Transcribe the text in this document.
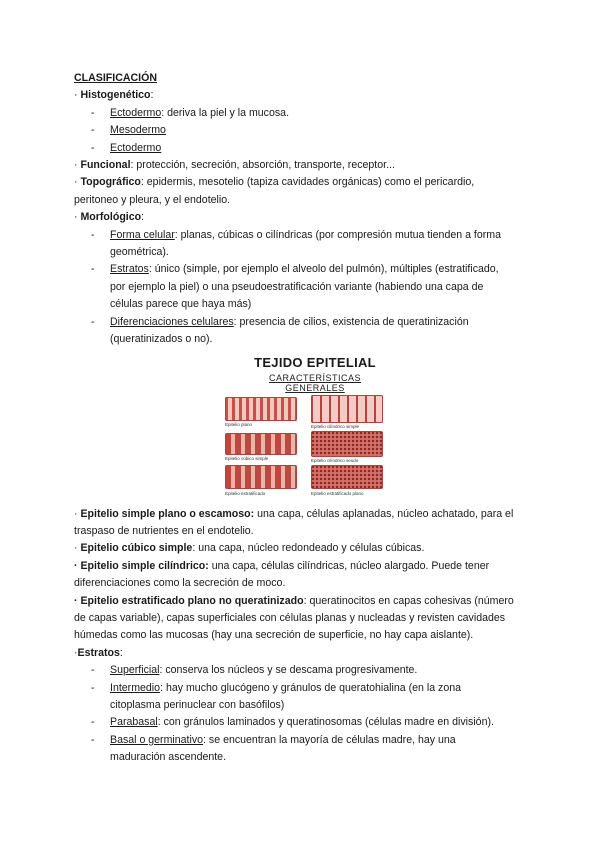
CLASIFICACIÓN
· Histogenético:
- Ectodermo: deriva la piel y la mucosa.
- Mesodermo
- Ectodermo
· Funcional: protección, secreción, absorción, transporte, receptor...
· Topográfico: epidermis, mesotelio (tapiza cavidades orgánicas) como el pericardio,
peritoneo y pleura, y el endotelio.
· Morfológico:
- Forma celular: planas, cúbicas o cilíndricas (por compresión mutua tienden a forma
geométrica).
- Estratos: único (simple, por ejemplo el alveolo del pulmón), múltiples (estratificado,
por ejemplo la piel) o una pseudoestratificación variante (habiendo una capa de
células parece que haya más)
- Diferenciaciones celulares: presencia de cilios, existencia de queratinización
(queratinizados o no).
TEJIDO EPITELIAL
CARACTERÍSTICAS
GENERALES
Epitelio plano	Epitelio cilíndrico simple
Epitelio cúbico simple	Epitelio cilíndrico seudo
Epitelio estratificado	Epitelio estratificado plano
· Epitelio simple plano o escamoso: una capa, células aplanadas, núcleo achatado, para el
traspaso de nutrientes en el endotelio.
· Epitelio cúbico simple: una capa, núcleo redondeado y células cúbicas.
· Epitelio simple cilíndrico: una capa, células cilíndricas, núcleo alargado. Puede tener
diferenciaciones como la secreción de moco.
· Epitelio estratificado plano no queratinizado: queratinocitos en capas cohesivas (número
de capas variable), capas superficiales con células planas y nucleadas y revisten cavidades
húmedas como las mucosas (hay una secreción de superficie, no hay capa aislante).
·Estratos:
- Superficial: conserva los núcleos y se descama progresivamente.
- Intermedio: hay mucho glucógeno y gránulos de queratohialina (en la zona
citoplasma perinuclear con basófilos)
- Parabasal: con gránulos laminados y queratinosomas (células madre en división).
- Basal o germinativo: se encuentran la mayoría de células madre, hay una
maduración ascendente.
